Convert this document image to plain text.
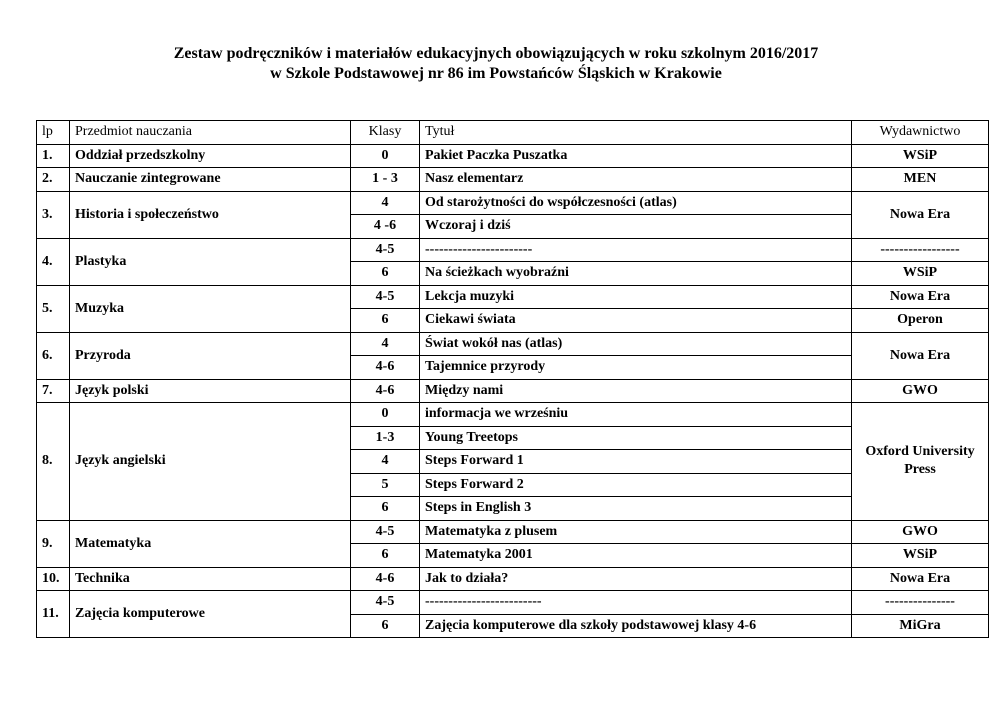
Zestaw podręczników i materiałów edukacyjnych obowiązujących w roku szkolnym 2016/2017
w Szkole Podstawowej nr 86 im Powstańców Śląskich w Krakowie
lp	Przedmiot nauczania	Klasy	Tytuł	Wydawnictwo
1.	Oddział przedszkolny	0	Pakiet Paczka Puszatka	WSiP
2.	Nauczanie zintegrowane	1 - 3	Nasz elementarz	MEN
3.	Historia i społeczeństwo	4	Od starożytności do współczesności (atlas)	Nowa Era
		4 -6	Wczoraj i dziś	
4.	Plastyka	4-5	-----------------------	-----------------
		6	Na ścieżkach wyobraźni	WSiP
5.	Muzyka	4-5	Lekcja muzyki	Nowa Era
		6	Ciekawi świata	Operon
6.	Przyroda	4	Świat wokół nas (atlas)	Nowa Era
		4-6	Tajemnice przyrody	
7.	Język polski	4-6	Między nami	GWO
8.	Język angielski	0	informacja we wrześniu	Oxford University Press
		1-3	Young Treetops	
		4	Steps Forward 1	
		5	Steps Forward 2	
		6	Steps in English 3	
9.	Matematyka	4-5	Matematyka z plusem	GWO
		6	Matematyka 2001	WSiP
10.	Technika	4-6	Jak to działa?	Nowa Era
11.	Zajęcia komputerowe	4-5	-------------------------	---------------
		6	Zajęcia komputerowe dla szkoły podstawowej klasy 4-6	MiGra
